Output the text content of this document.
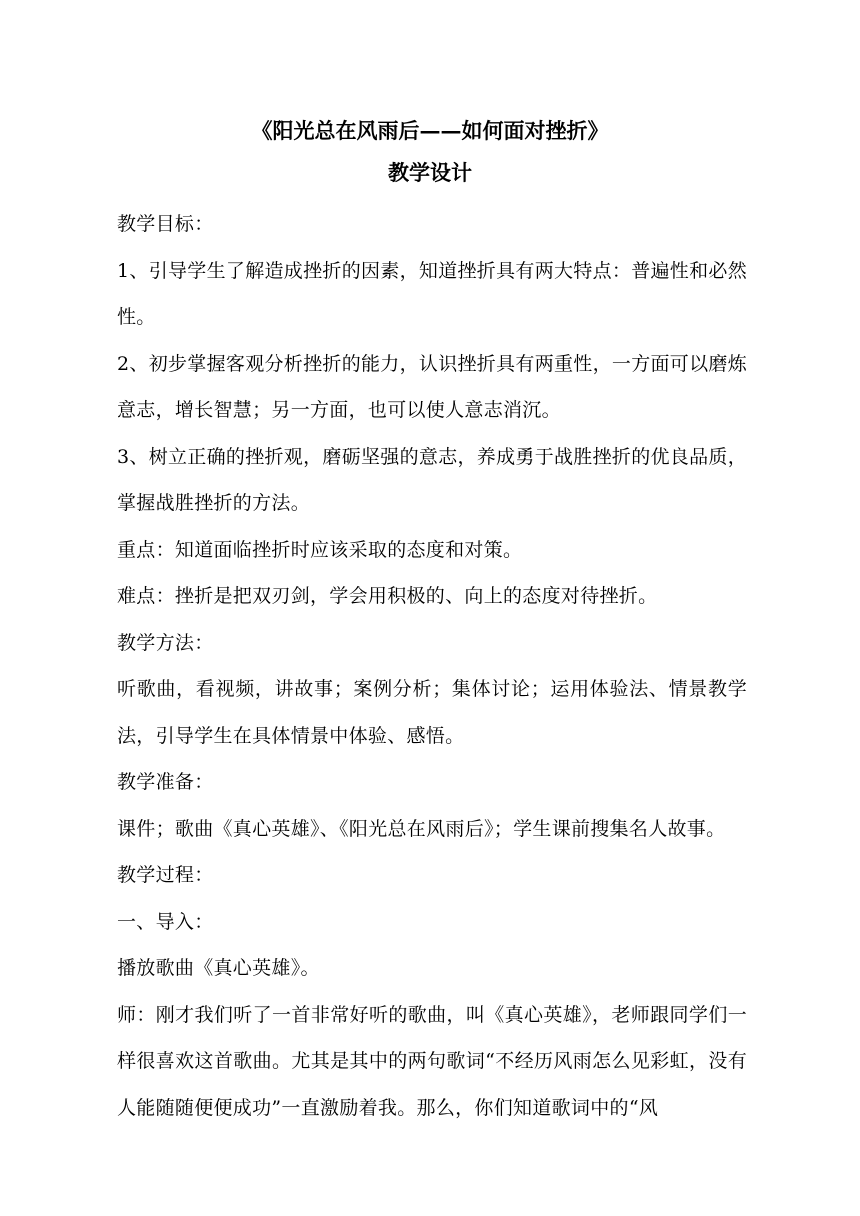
《阳光总在风雨后——如何面对挫折》
教学设计

教学目标：

1、引导学生了解造成挫折的因素，知道挫折具有两大特点：普遍性和必然性。

2、初步掌握客观分析挫折的能力，认识挫折具有两重性，一方面可以磨炼意志，增长智慧；另一方面，也可以使人意志消沉。

3、树立正确的挫折观，磨砺坚强的意志，养成勇于战胜挫折的优良品质，掌握战胜挫折的方法。

重点：知道面临挫折时应该采取的态度和对策。

难点：挫折是把双刃剑，学会用积极的、向上的态度对待挫折。

教学方法：

听歌曲，看视频，讲故事；案例分析；集体讨论；运用体验法、情景教学法，引导学生在具体情景中体验、感悟。

教学准备：

课件；歌曲《真心英雄》、《阳光总在风雨后》；学生课前搜集名人故事。

教学过程：

一、导入：

播放歌曲《真心英雄》。

师：刚才我们听了一首非常好听的歌曲，叫《真心英雄》，老师跟同学们一样很喜欢这首歌曲。尤其是其中的两句歌词“不经历风雨怎么见彩虹，没有人能随随便便成功”一直激励着我。那么，你们知道歌词中的“风
